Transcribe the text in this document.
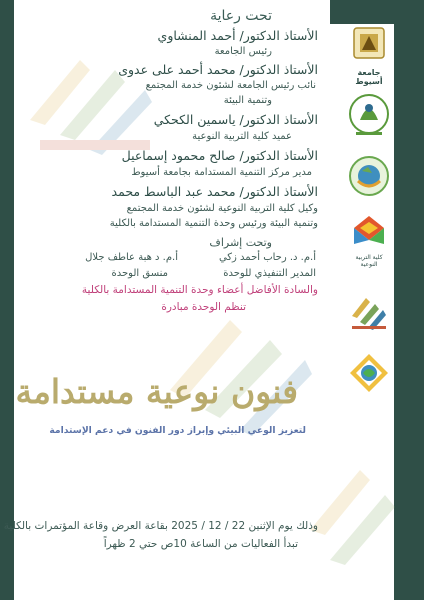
جامعة أسيوط
كلية التربية النوعية
تحت رعاية
الأستاذ الدكتور/ أحمد المنشاوي
رئيس الجامعة
الأستاذ الدكتور/ محمد أحمد على عدوى
نائب رئيس الجامعة لشئون خدمة المجتمع
وتنمية البيئة
الأستاذ الدكتور/ ياسمين الكحكي
عميد كلية التربية النوعية
الأستاذ الدكتور/ صالح محمود إسماعيل
مدير مركز التنمية المستدامة بجامعة أسيوط
الأستاذ الدكتور/ محمد عبد الباسط محمد
وكيل كلية التربية النوعية لشئون خدمة المجتمع
وتنمية البيئة ورئيس وحدة التنمية المستدامة بالكلية
وتحت إشراف
أ.م. د. رحاب أحمد زكي
أ.م. د هبة عاطف جلال
المدير التنفيذي للوحدة
منسق الوحدة
والسادة الأفاضل أعضاء وحدة التنمية المستدامة بالكلية
تنظم الوحدة مبادرة
فنون نوعية مستدامة
لتعزيز الوعي البيئي وإبراز دور الفنون في دعم الإستدامة
وذلك يوم الإثنين 22 / 12 / 2025 بقاعة العرض وقاعة المؤتمرات بالكلية
تبدأ الفعاليات من الساعة 10ص حتي 2 ظهراً
